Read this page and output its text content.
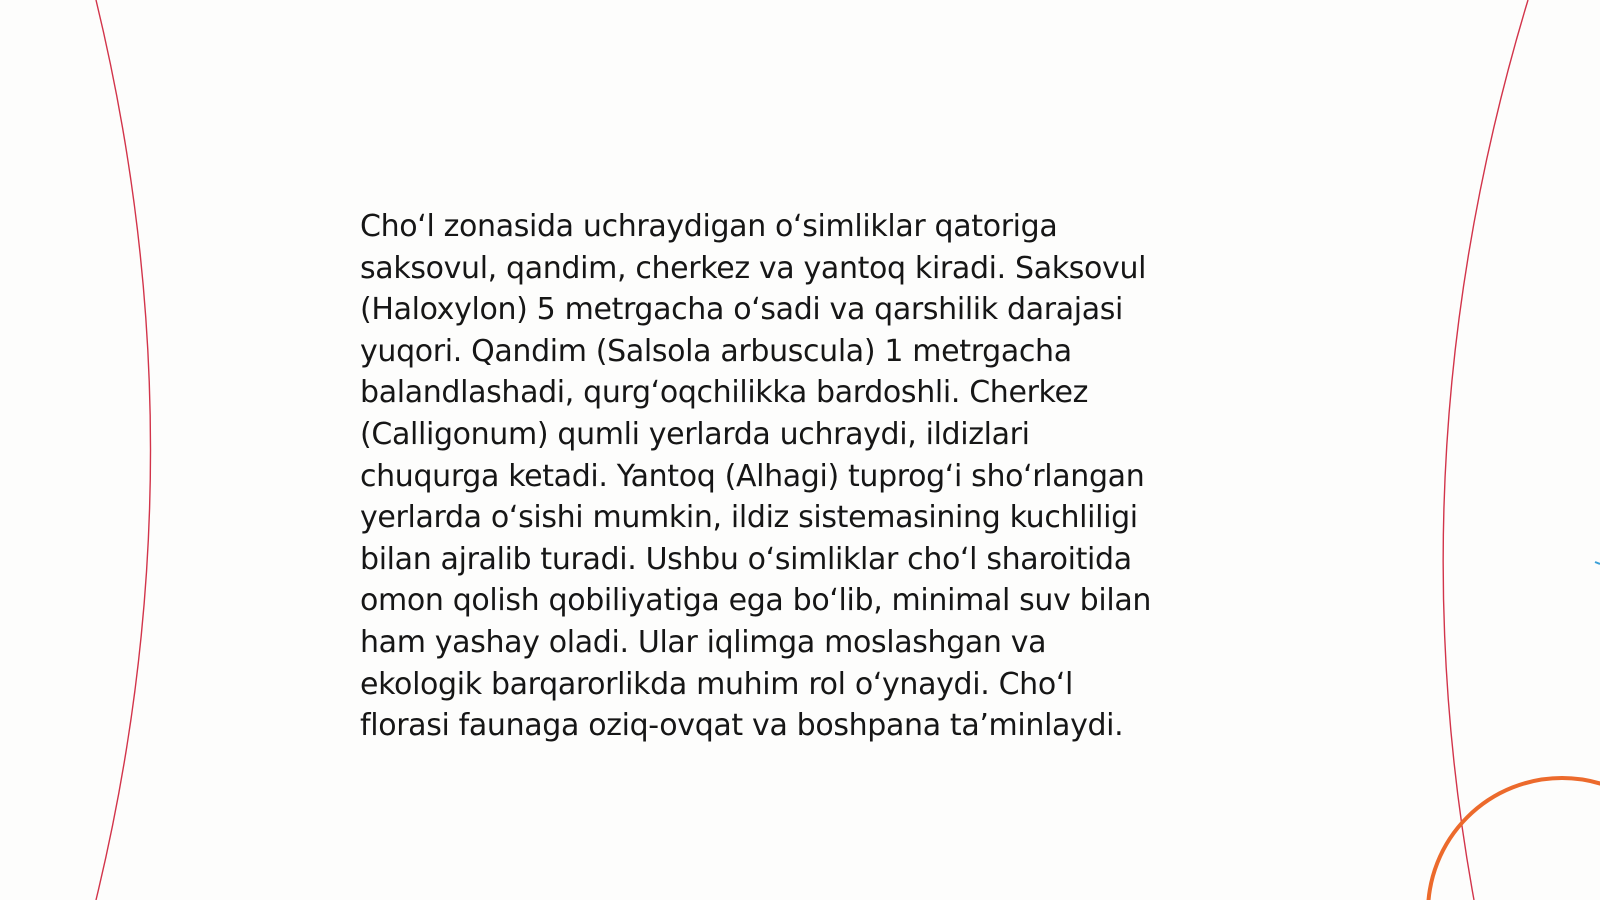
Cho‘l zonasida uchraydigan o‘simliklar qatoriga
saksovul, qandim, cherkez va yantoq kiradi. Saksovul
(Haloxylon) 5 metrgacha o‘sadi va qarshilik darajasi
yuqori. Qandim (Salsola arbuscula) 1 metrgacha
balandlashadi, qurg‘oqchilikka bardoshli. Cherkez
(Calligonum) qumli yerlarda uchraydi, ildizlari
chuqurga ketadi. Yantoq (Alhagi) tuprog‘i sho‘rlangan
yerlarda o‘sishi mumkin, ildiz sistemasining kuchliligi
bilan ajralib turadi. Ushbu o‘simliklar cho‘l sharoitida
omon qolish qobiliyatiga ega bo‘lib, minimal suv bilan
ham yashay oladi. Ular iqlimga moslashgan va
ekologik barqarorlikda muhim rol o‘ynaydi. Cho‘l
florasi faunaga oziq-ovqat va boshpana ta’minlaydi.
